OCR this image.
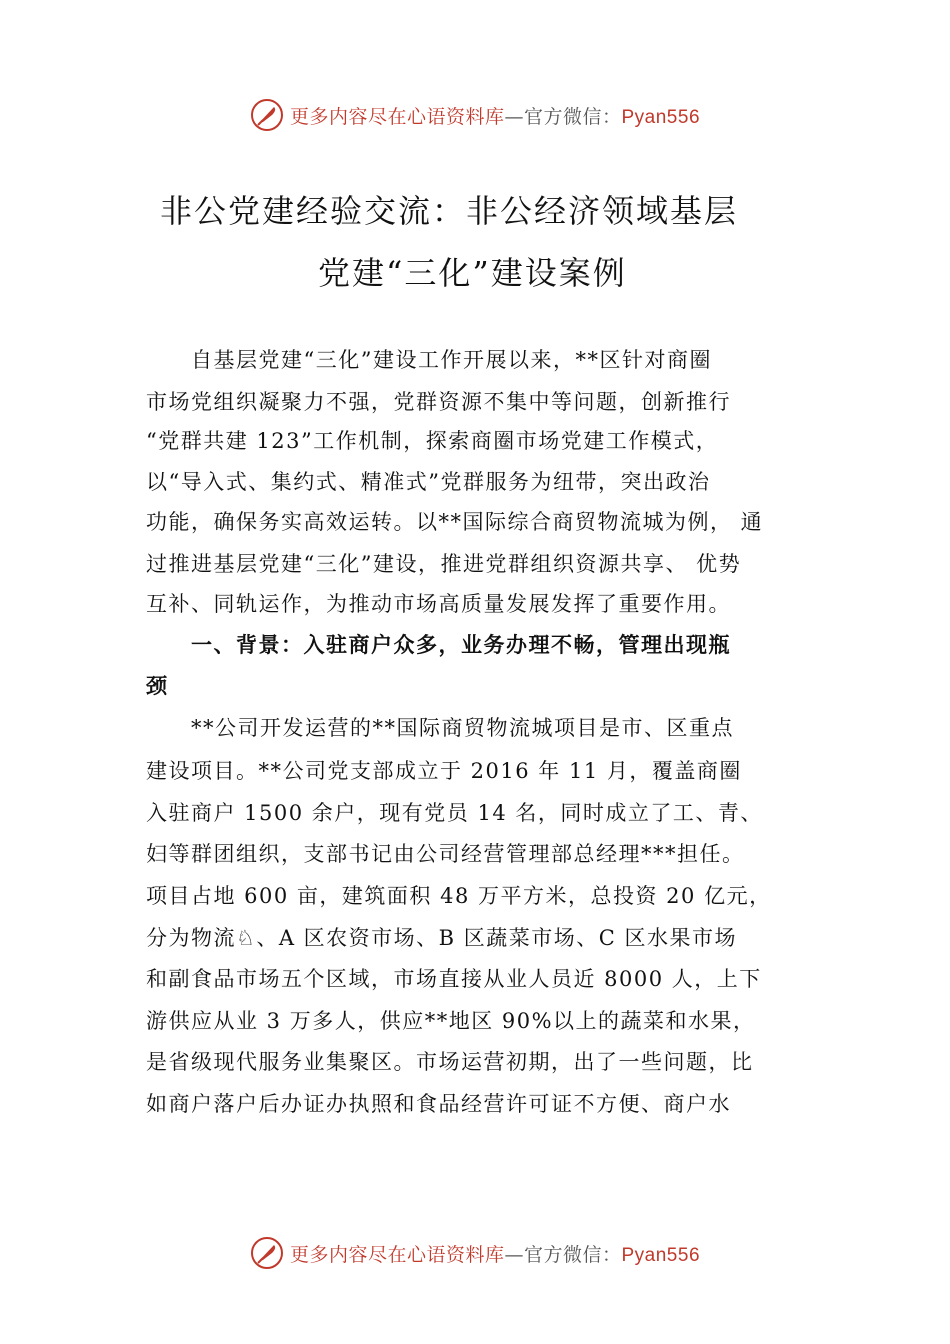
更多内容尽在心语资料库—官方微信：Pyan556
非公党建经验交流：非公经济领域基层
党建“三化”建设案例
　　自基层党建“三化”建设工作开展以来，**区针对商圈
市场党组织凝聚力不强，党群资源不集中等问题，创新推行
“党群共建 123”工作机制，探索商圈市场党建工作模式，
以“导入式、集约式、精准式”党群服务为纽带，突出政治
功能，确保务实高效运转。以**国际综合商贸物流城为例， 通
过推进基层党建“三化”建设，推进党群组织资源共享、 优势
互补、同轨运作，为推动市场高质量发展发挥了重要作用。
　　一、背景：入驻商户众多，业务办理不畅，管理出现瓶
颈
　　**公司开发运营的**国际商贸物流城项目是市、区重点
建设项目。**公司党支部成立于 2016 年 11 月，覆盖商圈
入驻商户 1500 余户，现有党员 14 名，同时成立了工、青、
妇等群团组织，支部书记由公司经营管理部总经理***担任。
项目占地 600 亩，建筑面积 48 万平方米，总投资 20 亿元，
分为物流♘、A 区农资市场、B 区蔬菜市场、C 区水果市场
和副食品市场五个区域，市场直接从业人员近 8000 人，上下
游供应从业 3 万多人，供应**地区 90%以上的蔬菜和水果，
是省级现代服务业集聚区。市场运营初期，出了一些问题，比
如商户落户后办证办执照和食品经营许可证不方便、商户水
更多内容尽在心语资料库—官方微信：Pyan556
